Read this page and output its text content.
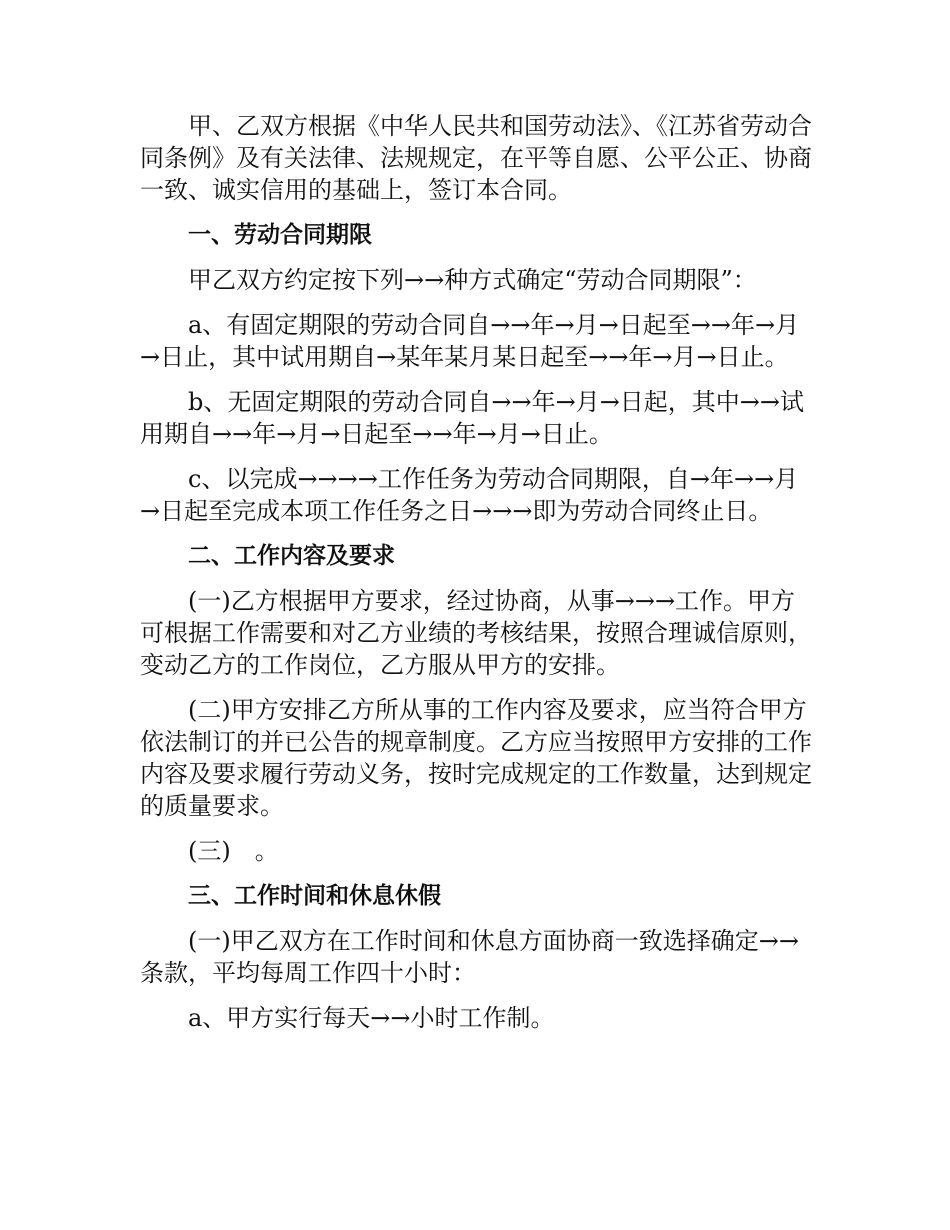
甲、乙双方根据《中华人民共和国劳动法》、《江苏省劳动合同条例》及有关法律、法规规定，在平等自愿、公平公正、协商一致、诚实信用的基础上，签订本合同。

一、劳动合同期限

甲乙双方约定按下列→→种方式确定“劳动合同期限”：

a、有固定期限的劳动合同自→→年→月→日起至→→年→月→日止，其中试用期自→某年某月某日起至→→年→月→日止。

b、无固定期限的劳动合同自→→年→月→日起，其中→→试用期自→→年→月→日起至→→年→月→日止。

c、以完成→→→→工作任务为劳动合同期限，自→年→→月→日起至完成本项工作任务之日→→→即为劳动合同终止日。

二、工作内容及要求

(一)乙方根据甲方要求，经过协商，从事→→→工作。甲方可根据工作需要和对乙方业绩的考核结果，按照合理诚信原则，变动乙方的工作岗位，乙方服从甲方的安排。

(二)甲方安排乙方所从事的工作内容及要求，应当符合甲方依法制订的并已公告的规章制度。乙方应当按照甲方安排的工作内容及要求履行劳动义务，按时完成规定的工作数量，达到规定的质量要求。

(三)　。

三、工作时间和休息休假

(一)甲乙双方在工作时间和休息方面协商一致选择确定→→条款，平均每周工作四十小时：

a、甲方实行每天→→小时工作制。
